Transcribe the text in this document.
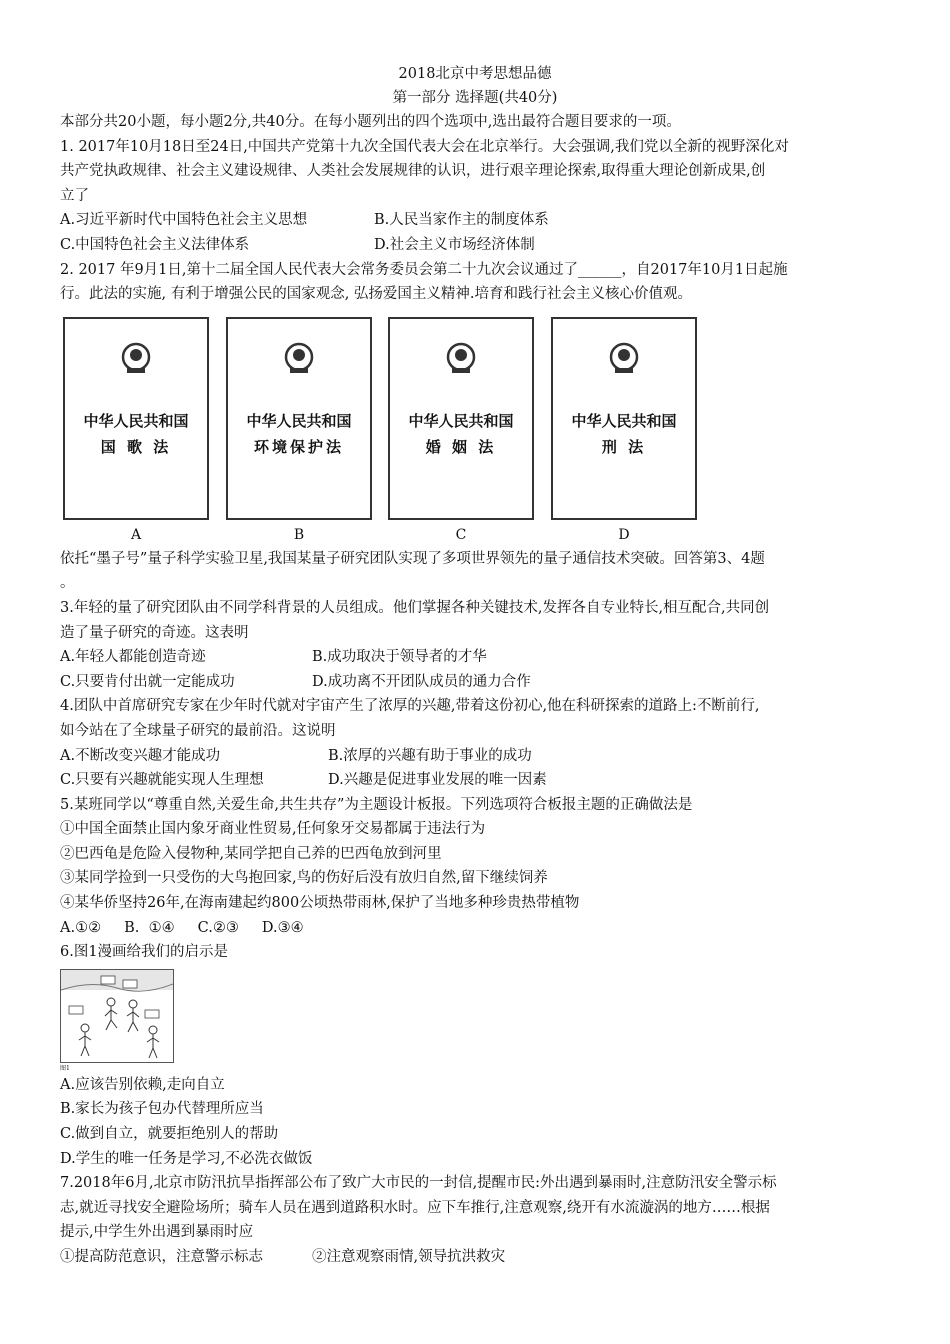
2018北京中考思想品德
第一部分 选择题(共40分)

本部分共20小题，每小题2分,共40分。在每小题列出的四个选项中,选出最符合题目要求的一项。

1. 2017年10月18日至24日,中国共产党第十九次全国代表大会在北京举行。大会强调,我们党以全新的视野深化对

共产党执政规律、社会主义建设规律、人类社会发展规律的认识，进行艰辛理论探索,取得重大理论创新成果,创

立了

A.习近平新时代中国特色社会主义思想	B.人民当家作主的制度体系
C.中国特色社会主义法律体系	D.社会主义市场经济体制

2. 2017 年9月1日,第十二届全国人民代表大会常务委员会第二十九次会议通过了______，自2017年10月1日起施

行。此法的实施, 有利于增强公民的国家观念, 弘扬爱国主义精神.培育和践行社会主义核心价值观。

中华人民共和国
国 歌 法
A
中华人民共和国
环境保护法
B
中华人民共和国
婚 姻 法
C
中华人民共和国
刑 法
D

依托“墨子号”量子科学实验卫星,我国某量子研究团队实现了多项世界领先的量子通信技术突破。回答第3、4题

。

3.年轻的量了研究团队由不同学科背景的人员组成。他们掌握各种关键技术,发挥各自专业特长,相互配合,共同创

造了量子研究的奇迹。这表明

A.年轻人都能创造奇迹	B.成功取决于领导者的才华
C.只要肯付出就一定能成功	D.成功离不开团队成员的通力合作

4.团队中首席研究专家在少年时代就对宇宙产生了浓厚的兴趣,带着这份初心,他在科研探索的道路上:不断前行,

如今站在了全球量子研究的最前沿。这说明

A.不断改变兴趣才能成功	B.浓厚的兴趣有助于事业的成功
C.只要有兴趣就能实现人生理想	D.兴趣是促进事业发展的唯一因素

5.某班同学以“尊重自然,关爱生命,共生共存”为主题设计板报。下列选项符合板报主题的正确做法是

①中国全面禁止国内象牙商业性贸易,任何象牙交易都属于违法行为

②巴西龟是危险入侵物种,某同学把自己养的巴西龟放到河里

③某同学捡到一只受伤的大鸟抱回家,鸟的伤好后没有放归自然,留下继续饲养

④某华侨坚持26年,在海南建起约800公顷热带雨林,保护了当地多种珍贵热带植物

A.①②     B.  ①④     C.②③     D.③④

6.图1漫画给我们的启示是

图1

A.应该告别依赖,走向自立

B.家长为孩子包办代替理所应当

C.做到自立，就要拒绝别人的帮助

D.学生的唯一任务是学习,不必洗衣做饭

7.2018年6月,北京市防汛抗旱指挥部公布了致广大市民的一封信,提醒市民:外出遇到暴雨时,注意防汛安全警示标

志,就近寻找安全避险场所；骑车人员在遇到道路积水时。应下车推行,注意观察,绕开有水流漩涡的地方……根据

提示,中学生外出遇到暴雨时应

①提高防范意识，注意警示标志	②注意观察雨情,领导抗洪救灾
